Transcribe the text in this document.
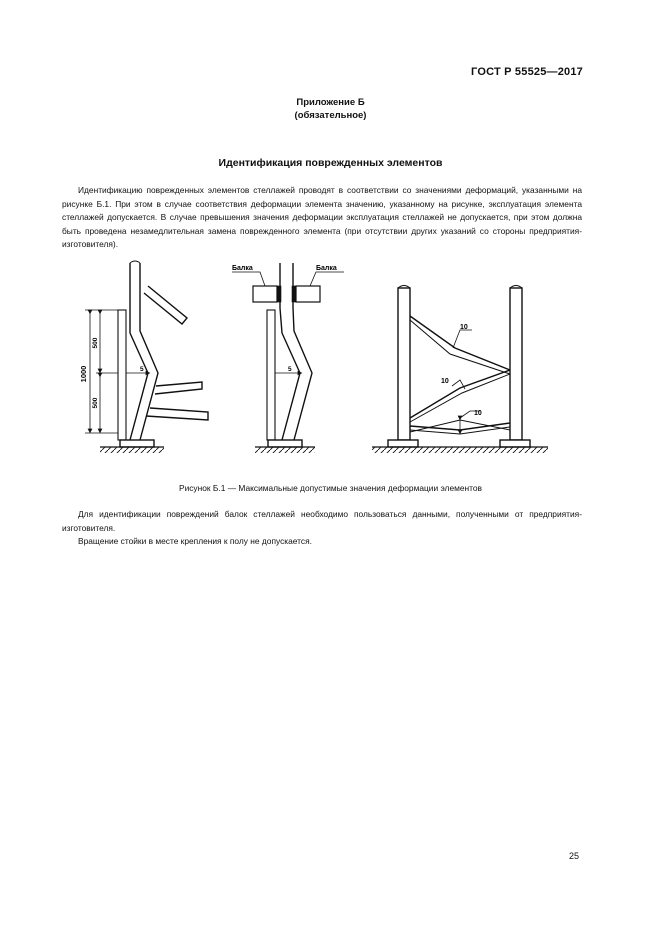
ГОСТ Р 55525—2017
Приложение Б
(обязательное)
Идентификация поврежденных элементов

Идентификацию поврежденных элементов стеллажей проводят в соответствии со значениями деформаций, указанными на рисунке Б.1. При этом в случае соответствия деформации элемента значению, указанному на рисунке, эксплуатация элемента стеллажей допускается. В случае превышения значения деформации эксплуатация стеллажей не допускается, при этом должна быть проведена незамедлительная замена поврежденного элемента (при отсутствии других указаний со стороны предприятия-изготовителя).

1000
500
500
5
Балка	Балка
5
10
10
10
Рисунок Б.1 — Максимальные допустимые значения деформации элементов

Для идентификации повреждений балок стеллажей необходимо пользоваться данными, полученными от предприятия-изготовителя.

Вращение стойки в месте крепления к полу не допускается.

25
